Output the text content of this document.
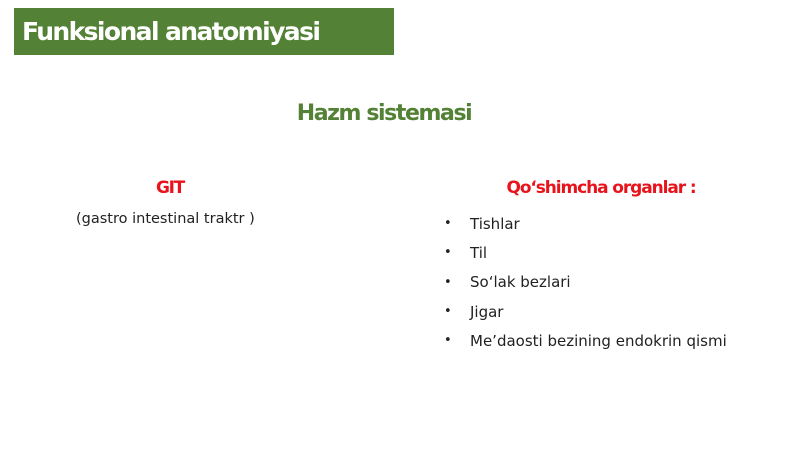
Funksional anatomiyasi
Hazm sistemasi
GIT
(gastro intestinal traktr )
Qo‘shimcha organlar :
•	Tishlar
•	Til
•	So‘lak bezlari
•	Jigar
•	Me’daosti bezining endokrin qismi
